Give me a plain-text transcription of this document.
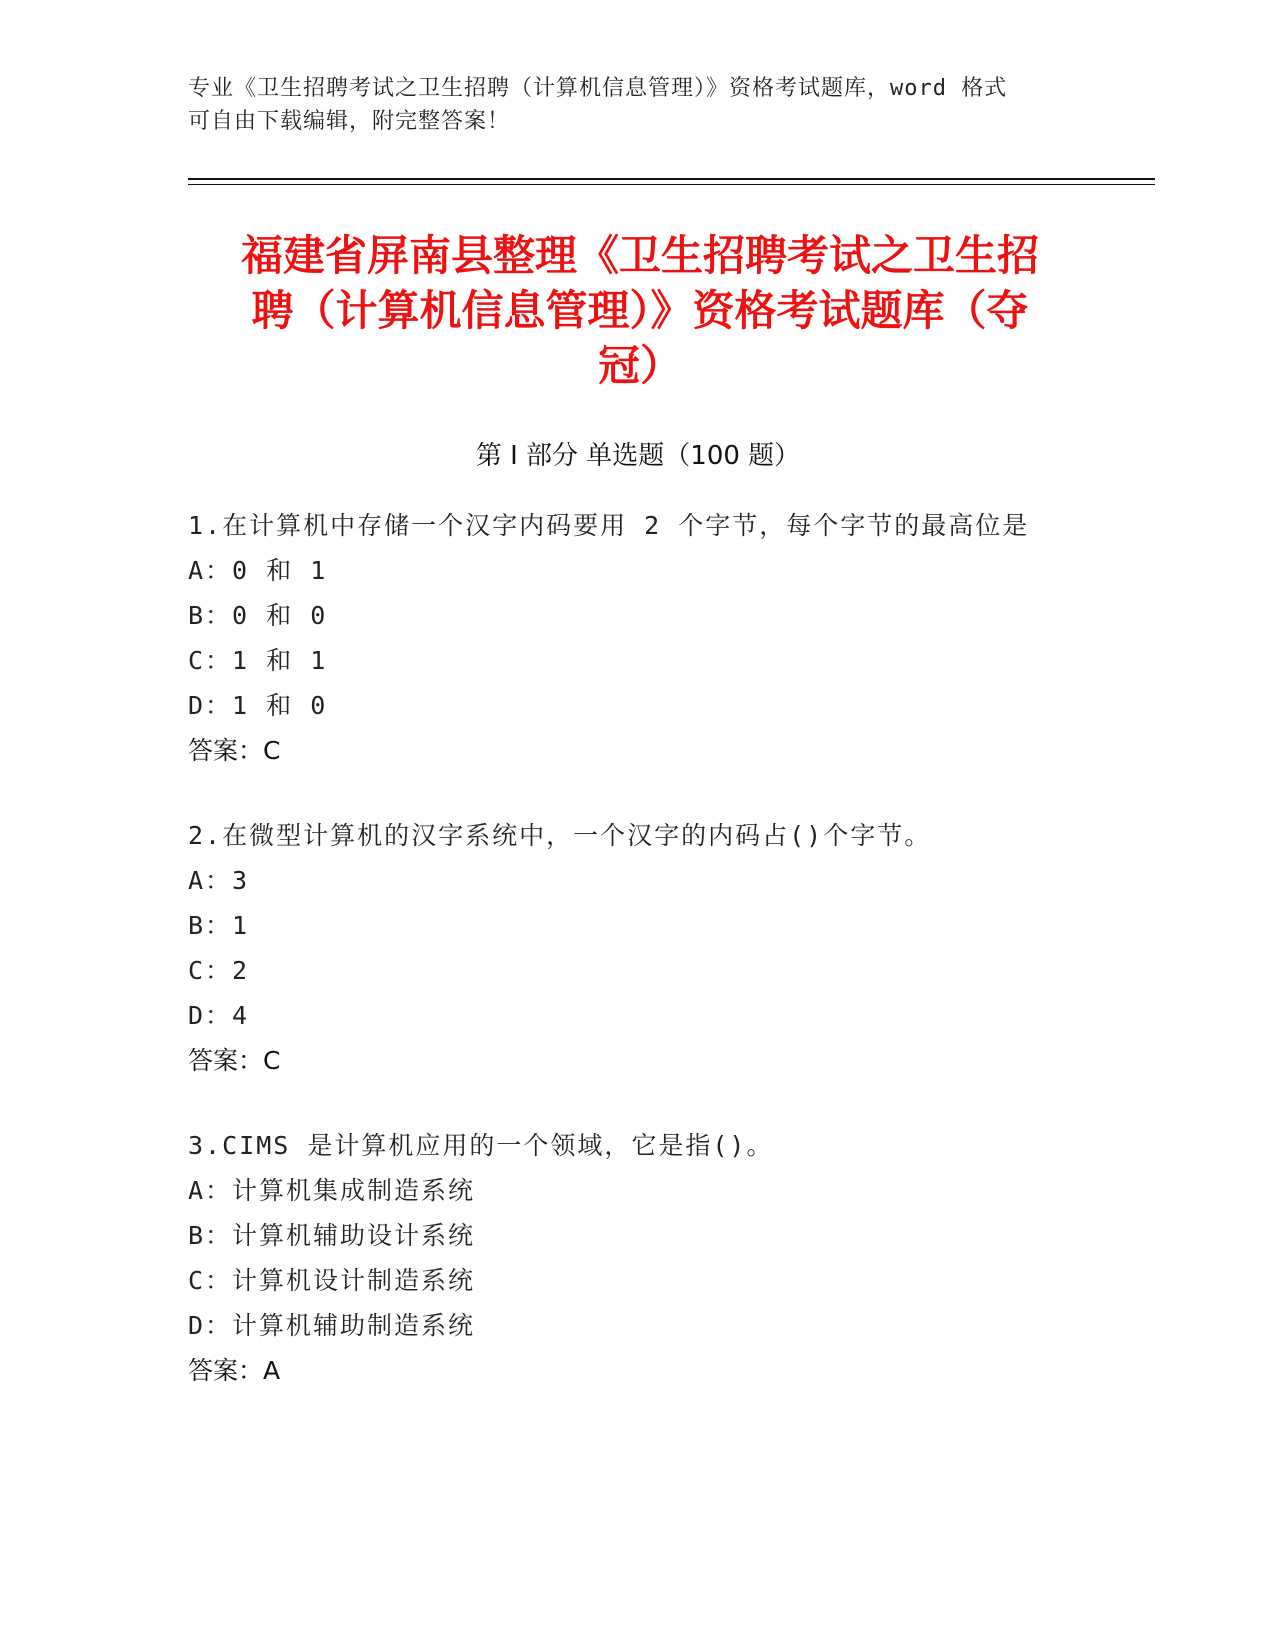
专业《卫生招聘考试之卫生招聘（计算机信息管理）》资格考试题库，word 格式
可自由下载编辑，附完整答案！
福建省屏南县整理《卫生招聘考试之卫生招
聘（计算机信息管理）》资格考试题库（夺
冠）
第 I 部分 单选题（100 题）
1.在计算机中存储一个汉字内码要用 2 个字节，每个字节的最高位是
A：0 和 1
B：0 和 0
C：1 和 1
D：1 和 0
答案：C
2.在微型计算机的汉字系统中，一个汉字的内码占()个字节。
A：3
B：1
C：2
D：4
答案：C
3.CIMS 是计算机应用的一个领域，它是指()。
A：计算机集成制造系统
B：计算机辅助设计系统
C：计算机设计制造系统
D：计算机辅助制造系统
答案：A
